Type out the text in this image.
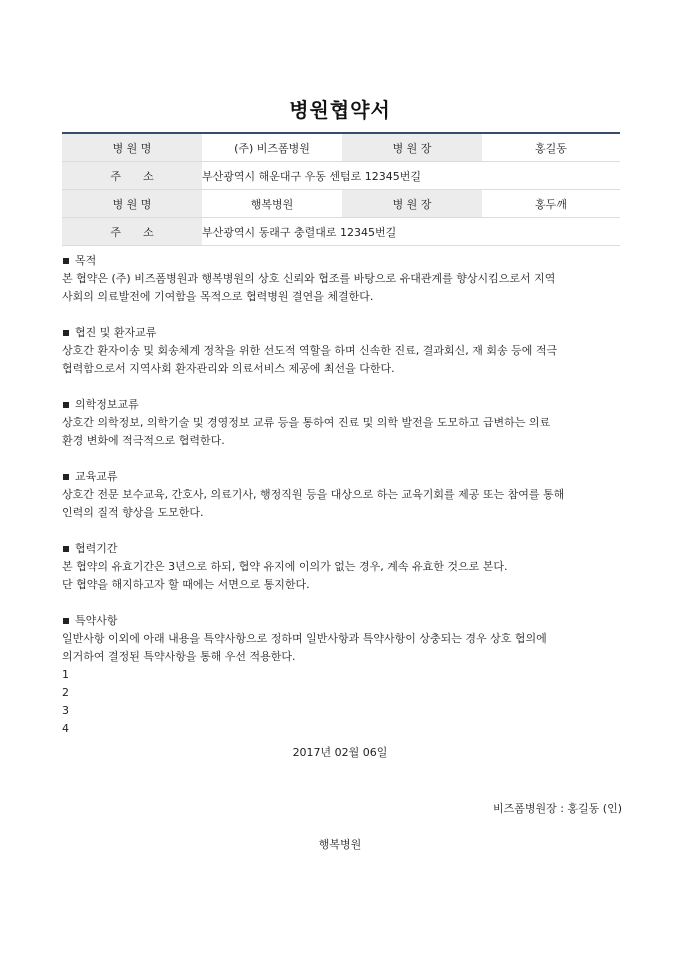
병원협약서
병 원 명	(주) 비즈폼병원	병 원 장	홍길동
주　　소	부산광역시 해운대구 우동 센텀로 12345번길		
병 원 명	행복병원	병 원 장	홍두깨
주　　소	부산광역시 동래구 충렬대로 12345번길		
목적
본 협약은 (주) 비즈폼병원과 행복병원의 상호 신뢰와 협조를 바탕으로 유대관계를 향상시킴으로서 지역
사회의 의료발전에 기여함을 목적으로 협력병원 결연을 체결한다.
협진 및 환자교류
상호간 환자이송 및 회송체계 정착을 위한 선도적 역할을 하며 신속한 진료, 결과회신, 재 회송 등에 적극
협력함으로서 지역사회 환자관리와 의료서비스 제공에 최선을 다한다.
의학정보교류
상호간 의학정보, 의학기술 및 경영정보 교류 등을 통하여 진료 및 의학 발전을 도모하고 급변하는 의료
환경 변화에 적극적으로 협력한다.
교육교류
상호간 전문 보수교육, 간호사, 의료기사, 행정직원 등을 대상으로 하는 교육기회를 제공 또는 참여를 통해
인력의 질적 향상을 도모한다.
협력기간
본 협약의 유효기간은 3년으로 하되, 협약 유지에 이의가 없는 경우, 계속 유효한 것으로 본다.
단 협약을 해지하고자 할 때에는 서면으로 통지한다.
특약사항
일반사항 이외에 아래 내용을 특약사항으로 정하며 일반사항과 특약사항이 상충되는 경우 상호 협의에
의거하여 결정된 특약사항을 통해 우선 적용한다.
1
2
3
4
2017년 02월 06일
비즈폼병원장 : 홍길동 (인)
행복병원
